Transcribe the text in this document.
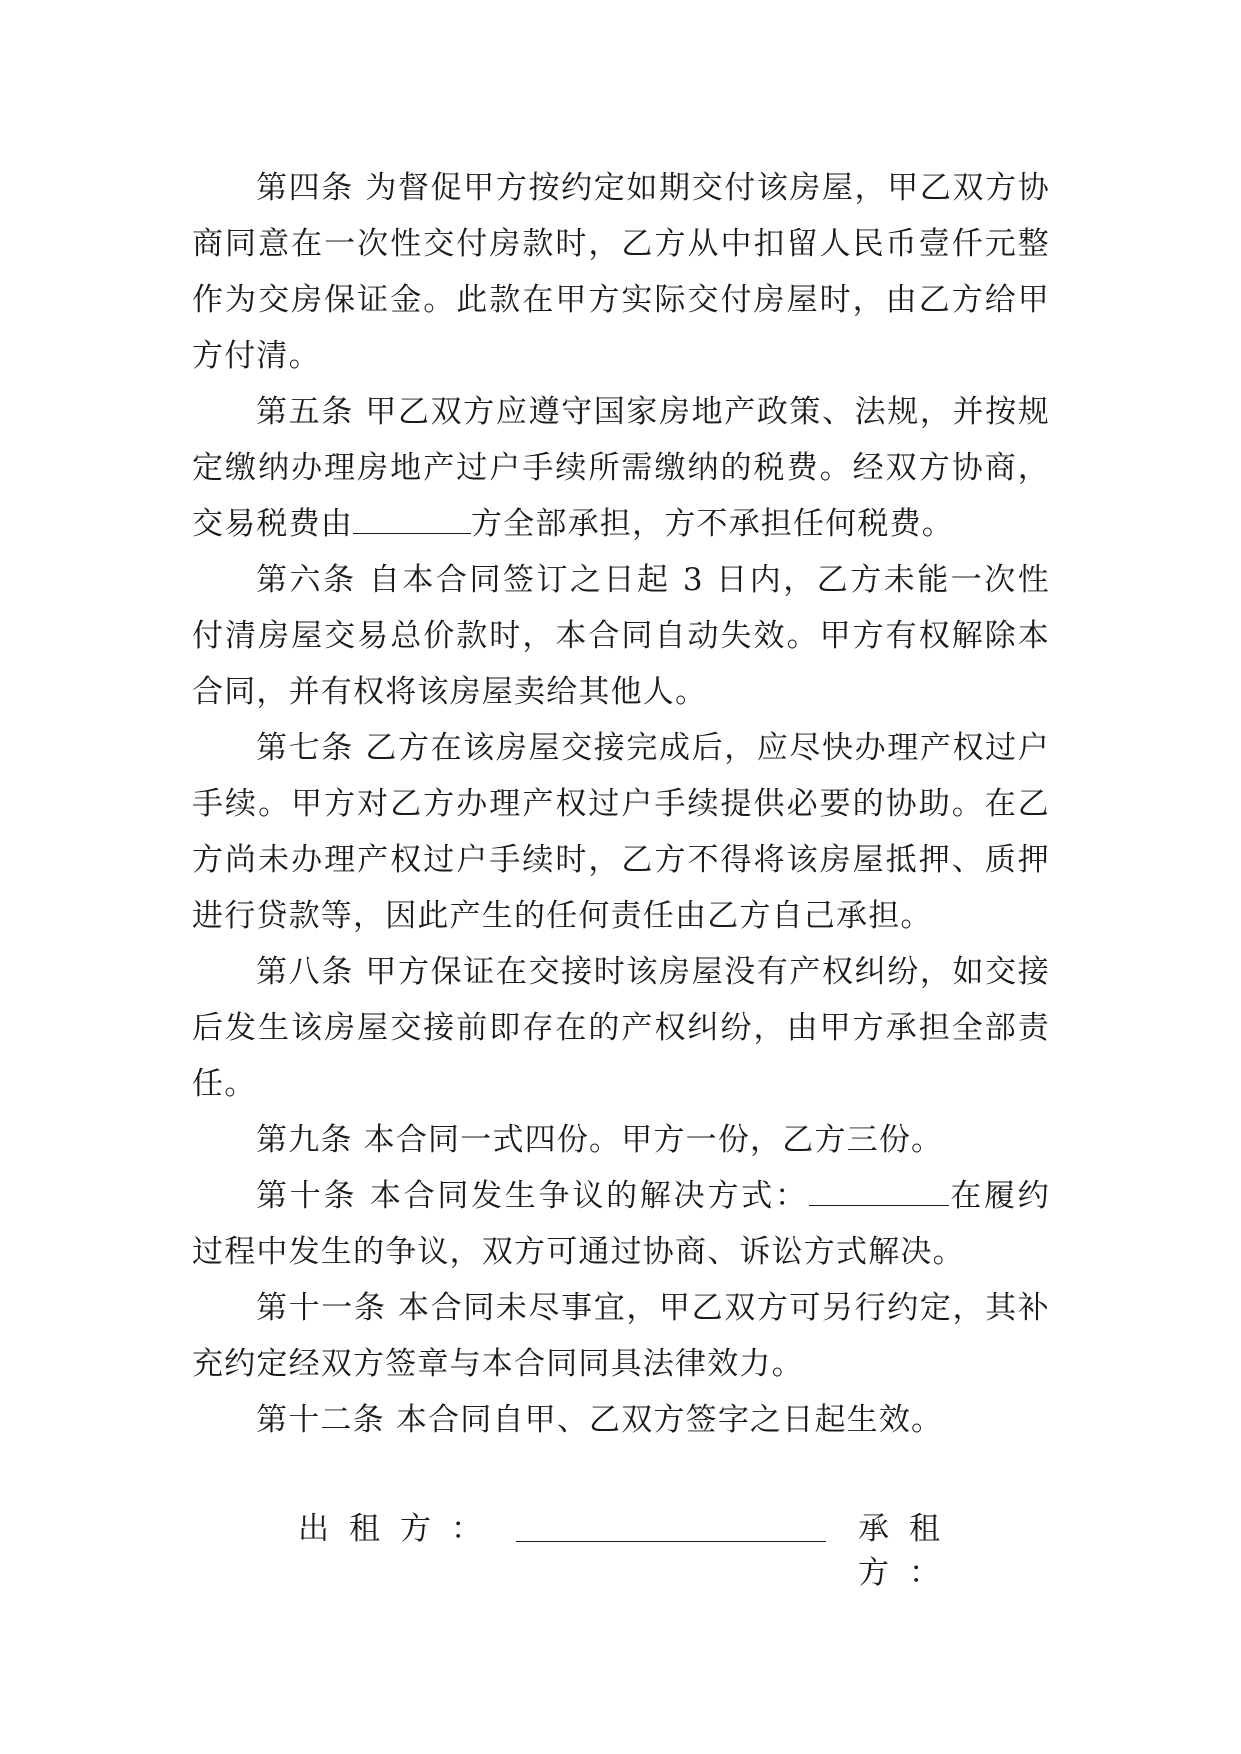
第四条 为督促甲方按约定如期交付该房屋，甲乙双方协商同意在一次性交付房款时，乙方从中扣留人民币壹仟元整作为交房保证金。此款在甲方实际交付房屋时，由乙方给甲方付清。

第五条 甲乙双方应遵守国家房地产政策、法规，并按规定缴纳办理房地产过户手续所需缴纳的税费。经双方协商，交易税费由	方全部承担，方不承担任何税费。

第六条 自本合同签订之日起 3 日内，乙方未能一次性付清房屋交易总价款时，本合同自动失效。甲方有权解除本合同，并有权将该房屋卖给其他人。

第七条 乙方在该房屋交接完成后，应尽快办理产权过户手续。甲方对乙方办理产权过户手续提供必要的协助。在乙方尚未办理产权过户手续时，乙方不得将该房屋抵押、质押进行贷款等，因此产生的任何责任由乙方自己承担。

第八条 甲方保证在交接时该房屋没有产权纠纷，如交接后发生该房屋交接前即存在的产权纠纷，由甲方承担全部责任。

第九条 本合同一式四份。甲方一份，乙方三份。

第十条 本合同发生争议的解决方式：	在履约过程中发生的争议，双方可通过协商、诉讼方式解决。

第十一条 本合同未尽事宜，甲乙双方可另行约定，其补充约定经双方签章与本合同同具法律效力。

第十二条 本合同自甲、乙双方签字之日起生效。

出租方：	承租方：
